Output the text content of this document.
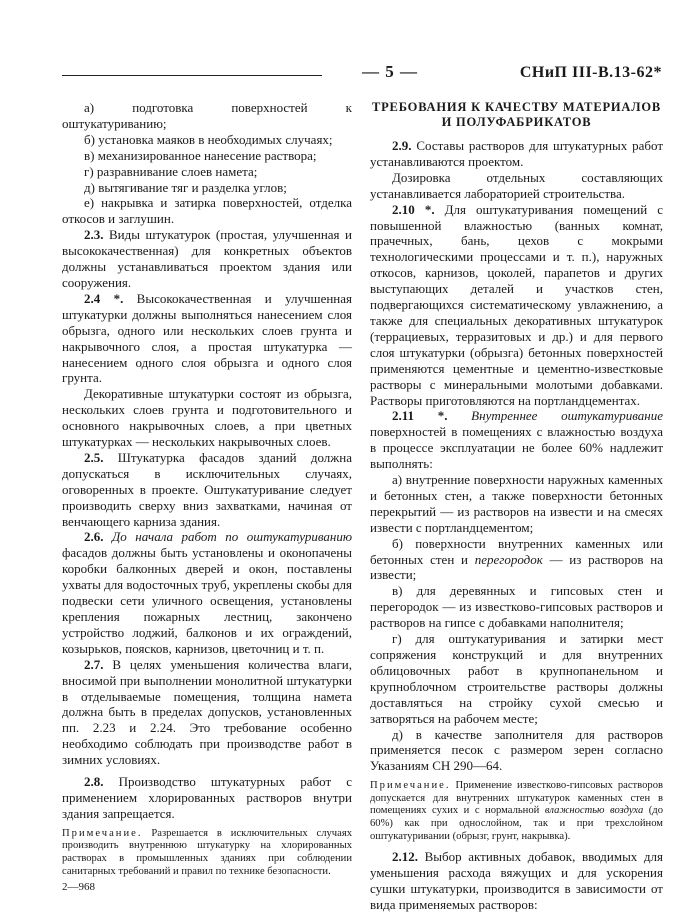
— 5 —	СНиП III-В.13-62*

а) подготовка поверхностей к оштукатуриванию;

б) установка маяков в необходимых случаях;

в) механизированное нанесение раствора;

г) разравнивание слоев намета;

д) вытягивание тяг и разделка углов;

е) накрывка и затирка поверхностей, отделка откосов и заглушин.

2.3. Виды штукатурок (простая, улучшенная и высококачественная) для конкретных объектов должны устанавливаться проектом здания или сооружения.

2.4 *. Высококачественная и улучшенная штукатурки должны выполняться нанесением слоя обрызга, одного или нескольких слоев грунта и накрывочного слоя, а простая штукатурка — нанесением одного слоя обрызга и одного слоя грунта.

Декоративные штукатурки состоят из обрызга, нескольких слоев грунта и подготовительного и основного накрывочных слоев, а при цветных штукатурках — нескольких накрывочных слоев.

2.5. Штукатурка фасадов зданий должна допускаться в исключительных случаях, оговоренных в проекте. Оштукатуривание следует производить сверху вниз захватками, начиная от венчающего карниза здания.

2.6. До начала работ по оштукатуриванию фасадов должны быть установлены и оконопачены коробки балконных дверей и окон, поставлены ухваты для водосточных труб, укреплены скобы для подвески сети уличного освещения, установлены крепления пожарных лестниц, закончено устройство лоджий, балконов и их ограждений, козырьков, поясков, карнизов, цветочниц и т. п.

2.7. В целях уменьшения количества влаги, вносимой при выполнении монолитной штукатурки в отделываемые помещения, толщина намета должна быть в пределах допусков, установленных пп. 2.23 и 2.24. Это требование особенно необходимо соблюдать при производстве работ в зимних условиях.

2.8. Производство штукатурных работ с применением хлорированных растворов внутри здания запрещается.

Примечание. Разрешается в исключительных случаях производить внутреннюю штукатурку на хлорированных растворах в промышленных зданиях при соблюдении санитарных требований и правил по технике безопасности.

2—968

ТРЕБОВАНИЯ К КАЧЕСТВУ МАТЕРИАЛОВ И ПОЛУФАБРИКАТОВ

2.9. Составы растворов для штукатурных работ устанавливаются проектом.

Дозировка отдельных составляющих устанавливается лабораторией строительства.

2.10 *. Для оштукатуривания помещений с повышенной влажностью (ванных комнат, прачечных, бань, цехов с мокрыми технологическими процессами и т. п.), наружных откосов, карнизов, цоколей, парапетов и других выступающих деталей и участков стен, подвергающихся систематическому увлажнению, а также для специальных декоративных штукатурок (террациевых, терразитовых и др.) и для первого слоя штукатурки (обрызга) бетонных поверхностей применяются цементные и цементно-известковые растворы с минеральными молотыми добавками. Растворы приготовляются на портландцементах.

2.11 *. Внутреннее оштукатуривание поверхностей в помещениях с влажностью воздуха в процессе эксплуатации не более 60% надлежит выполнять:

а) внутренние поверхности наружных каменных и бетонных стен, а также поверхности бетонных перекрытий — из растворов на извести и на смесях извести с портландцементом;

б) поверхности внутренних каменных или бетонных стен и перегородок — из растворов на извести;

в) для деревянных и гипсовых стен и перегородок — из известково-гипсовых растворов и растворов на гипсе с добавками наполнителя;

г) для оштукатуривания и затирки мест сопряжения конструкций и для внутренних облицовочных работ в крупнопанельном и крупноблочном строительстве растворы должны доставляться на стройку сухой смесью и затворяться на рабочем месте;

д) в качестве заполнителя для растворов применяется песок с размером зерен согласно Указаниям СН 290—64.

Примечание. Применение известково-гипсовых растворов допускается для внутренних штукатурок каменных стен в помещениях сухих и с нормальной влажностью воздуха (до 60%) как при однослойном, так и при трехслойном оштукатуривании (обрызг, грунт, накрывка).

2.12. Выбор активных добавок, вводимых для уменьшения расхода вяжущих и для ускорения сушки штукатурки, производится в зависимости от вида применяемых растворов:
